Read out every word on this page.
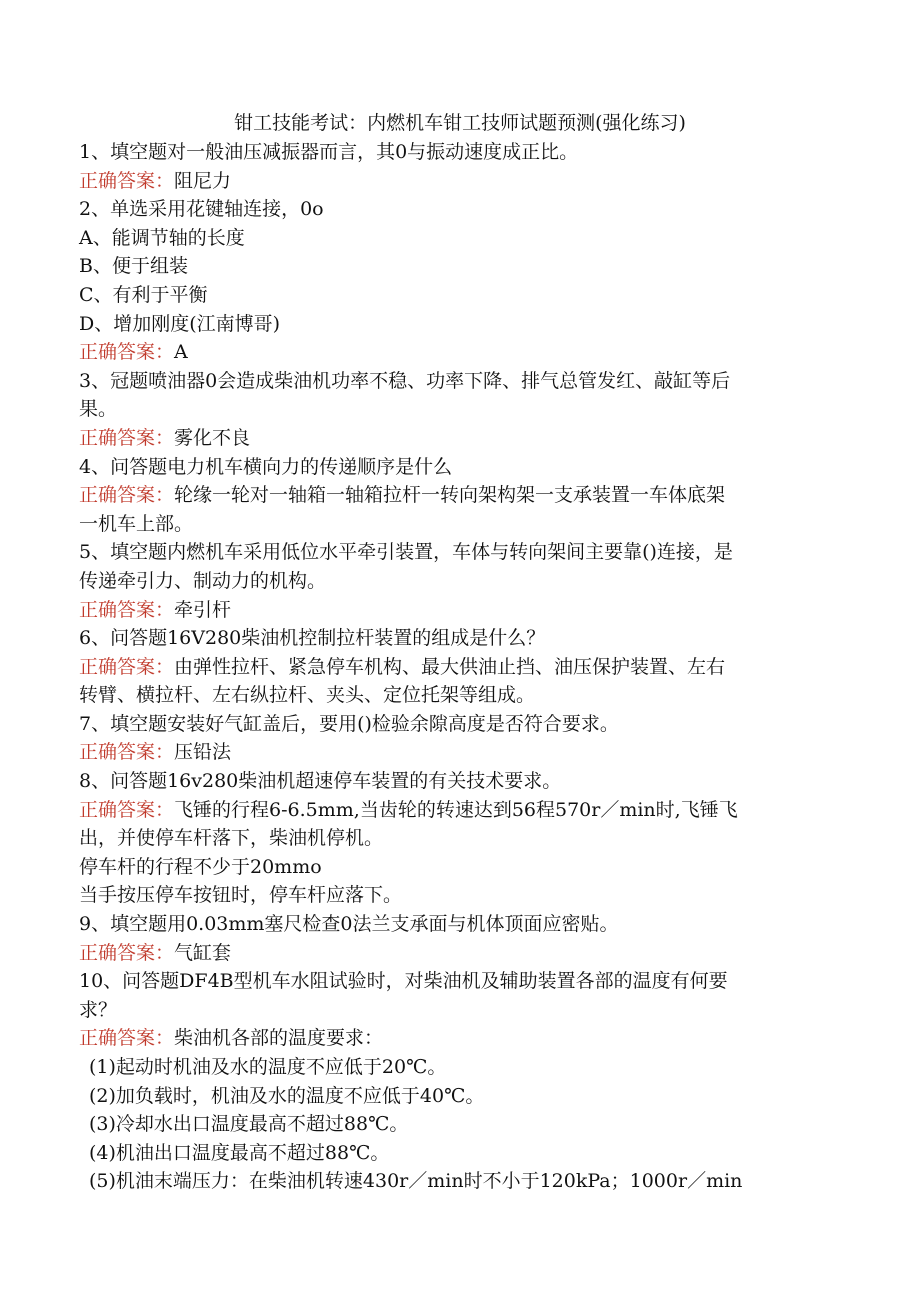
钳工技能考试：内燃机车钳工技师试题预测(强化练习)
1、填空题对一般油压减振器而言，其0与振动速度成正比。
正确答案：阻尼力
2、单选采用花键轴连接，0o
A、能调节轴的长度
B、便于组装
C、有利于平衡
D、增加刚度(江南博哥)
正确答案：A
3、冠题喷油器0会造成柴油机功率不稳、功率下降、排气总管发红、敲缸等后
果。
正确答案：雾化不良
4、问答题电力机车横向力的传递顺序是什么
正确答案：轮缘一轮对一轴箱一轴箱拉杆一转向架构架一支承装置一车体底架
一机车上部。
5、填空题内燃机车采用低位水平牵引装置，车体与转向架间主要靠()连接，是
传递牵引力、制动力的机构。
正确答案：牵引杆
6、问答题16V280柴油机控制拉杆装置的组成是什么？
正确答案：由弹性拉杆、紧急停车机构、最大供油止挡、油压保护装置、左右
转臂、横拉杆、左右纵拉杆、夹头、定位托架等组成。
7、填空题安装好气缸盖后，要用()检验余隙高度是否符合要求。
正确答案：压铅法
8、问答题16v280柴油机超速停车装置的有关技术要求。
正确答案：飞锤的行程6-6.5mm,当齿轮的转速达到56程570r／min时,飞锤飞
出，并使停车杆落下，柴油机停机。
停车杆的行程不少于20mmo
当手按压停车按钮时，停车杆应落下。
9、填空题用0.03mm塞尺检查0法兰支承面与机体顶面应密贴。
正确答案：气缸套
10、问答题DF4B型机车水阻试验时，对柴油机及辅助装置各部的温度有何要
求？
正确答案：柴油机各部的温度要求：
(1)起动时机油及水的温度不应低于20℃。
(2)加负载时，机油及水的温度不应低于40℃。
(3)冷却水出口温度最高不超过88℃。
(4)机油出口温度最高不超过88℃。
(5)机油末端压力：在柴油机转速430r／min时不小于120kPa；1000r／min
